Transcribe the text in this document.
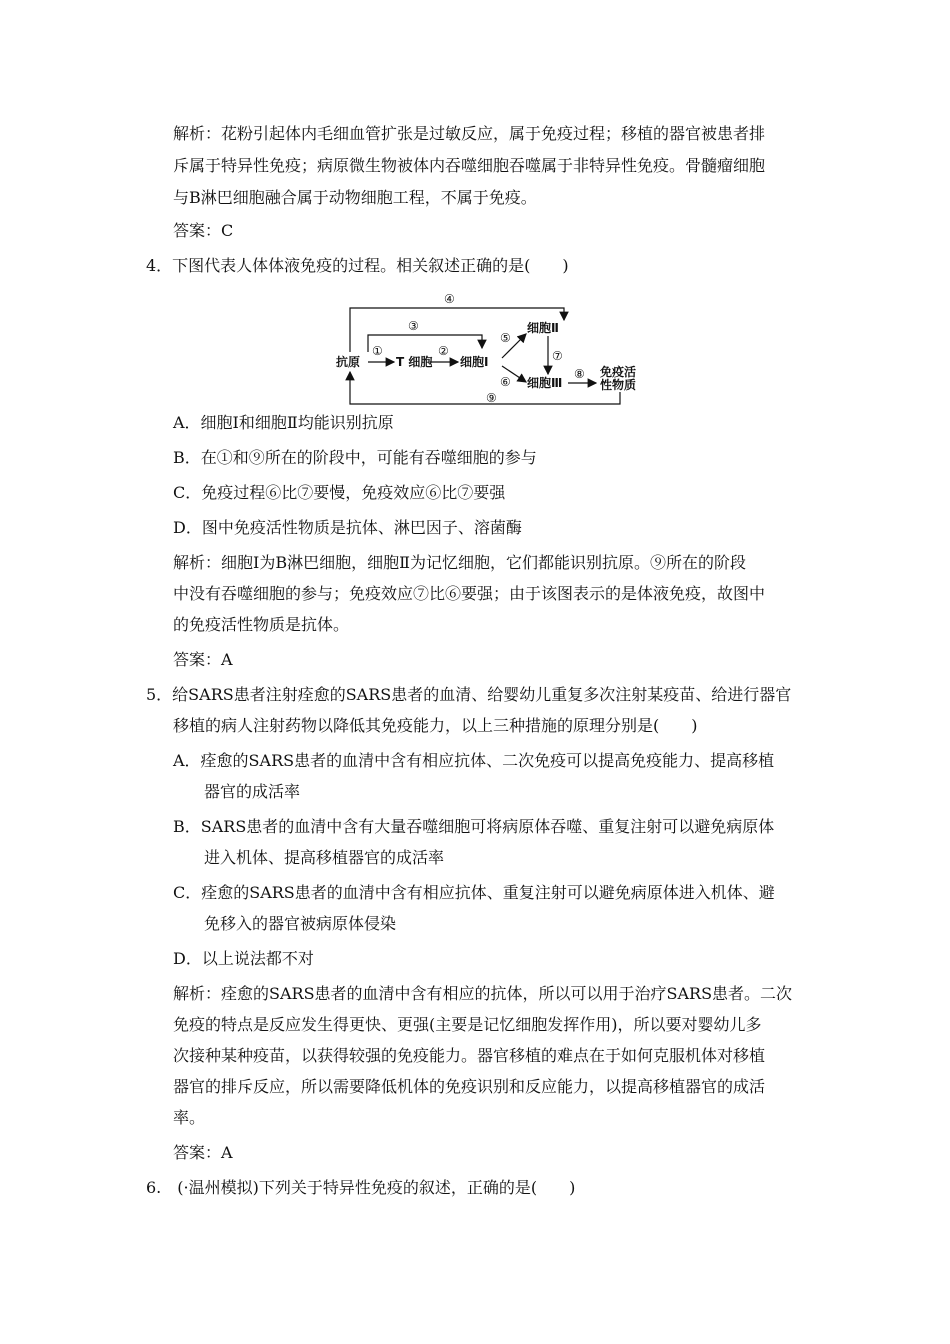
解析：花粉引起体内毛细血管扩张是过敏反应，属于免疫过程；移植的器官被患者排
斥属于特异性免疫；病原微生物被体内吞噬细胞吞噬属于非特异性免疫。骨髓瘤细胞
与B淋巴细胞融合属于动物细胞工程，不属于免疫。
答案：C
4．下图代表人体体液免疫的过程。相关叙述正确的是(　　)
④
③
抗原
①
T 细胞
②
细胞Ⅰ
⑤
细胞Ⅱ
⑦
⑥ 细胞Ⅲ
⑧ 免疫活
性物质
⑨
A．细胞Ⅰ和细胞Ⅱ均能识别抗原
B．在①和⑨所在的阶段中，可能有吞噬细胞的参与
C．免疫过程⑥比⑦要慢，免疫效应⑥比⑦要强
D．图中免疫活性物质是抗体、淋巴因子、溶菌酶
解析：细胞Ⅰ为B淋巴细胞，细胞Ⅱ为记忆细胞，它们都能识别抗原。⑨所在的阶段
中没有吞噬细胞的参与；免疫效应⑦比⑥要强；由于该图表示的是体液免疫，故图中
的免疫活性物质是抗体。
答案：A
5．给SARS患者注射痊愈的SARS患者的血清、给婴幼儿重复多次注射某疫苗、给进行器官
移植的病人注射药物以降低其免疫能力，以上三种措施的原理分别是(　　)
A．痊愈的SARS患者的血清中含有相应抗体、二次免疫可以提高免疫能力、提高移植
器官的成活率
B．SARS患者的血清中含有大量吞噬细胞可将病原体吞噬、重复注射可以避免病原体
进入机体、提高移植器官的成活率
C．痊愈的SARS患者的血清中含有相应抗体、重复注射可以避免病原体进入机体、避
免移入的器官被病原体侵染
D．以上说法都不对
解析：痊愈的SARS患者的血清中含有相应的抗体，所以可以用于治疗SARS患者。二次
免疫的特点是反应发生得更快、更强(主要是记忆细胞发挥作用)，所以要对婴幼儿多
次接种某种疫苗，以获得较强的免疫能力。器官移植的难点在于如何克服机体对移植
器官的排斥反应，所以需要降低机体的免疫识别和反应能力，以提高移植器官的成活
率。
答案：A
6.　(·温州模拟)下列关于特异性免疫的叙述，正确的是(　　)
